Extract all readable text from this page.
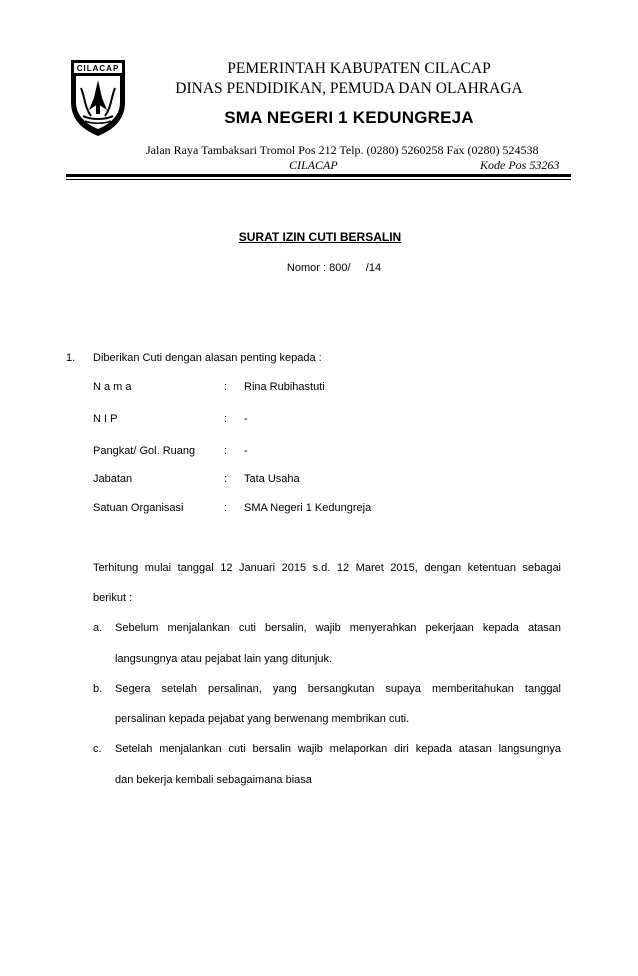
CILACAP	PEMERINTAH KABUPATEN CILACAP
DINAS PENDIDIKAN, PEMUDA DAN OLAHRAGA
SMA NEGERI 1 KEDUNGREJA
Jalan Raya Tambaksari Tromol Pos 212 Telp. (0280) 5260258 Fax (0280) 524538
CILACAP	Kode Pos 53263
SURAT IZIN CUTI BERSALIN
Nomor : 800/     /14
1. Diberikan Cuti dengan alasan penting kepada :
N a m a	: Rina Rubihastuti
N I P	: -
Pangkat/ Gol. Ruang	: -
Jabatan	: Tata Usaha
Satuan Organisasi	: SMA Negeri 1 Kedungreja
Terhitung mulai tanggal 12 Januari 2015 s.d. 12 Maret 2015, dengan ketentuan sebagai
berikut :
a. Sebelum menjalankan cuti bersalin, wajib menyerahkan pekerjaan kepada atasan
langsungnya atau pejabat lain yang ditunjuk.
b. Segera setelah persalinan, yang bersangkutan supaya memberitahukan tanggal
persalinan kepada pejabat yang berwenang membrikan cuti.
c. Setelah menjalankan cuti bersalin wajib melaporkan diri kepada atasan langsungnya
dan bekerja kembali sebagaimana biasa
